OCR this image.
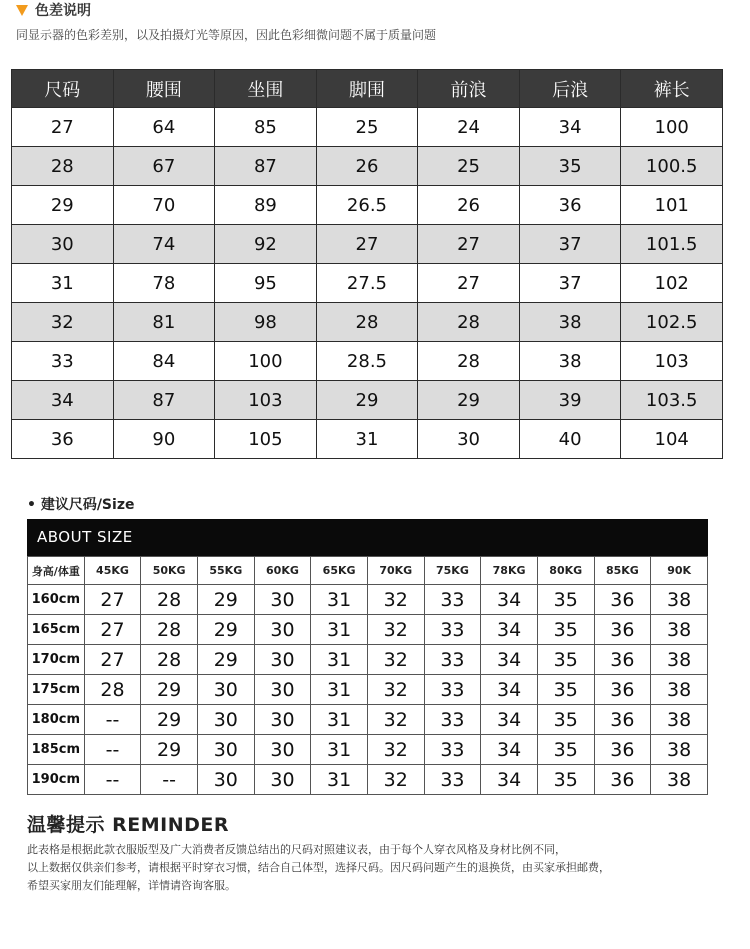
色差说明
同显示器的色彩差别，以及拍摄灯光等原因，因此色彩细微问题不属于质量问题
尺码	腰围	坐围	脚围	前浪	后浪	裤长
27	64	85	25	24	34	100
28	67	87	26	25	35	100.5
29	70	89	26.5	26	36	101
30	74	92	27	27	37	101.5
31	78	95	27.5	27	37	102
32	81	98	28	28	38	102.5
33	84	100	28.5	28	38	103
34	87	103	29	29	39	103.5
36	90	105	31	30	40	104
• 建议尺码/Size
ABOUT SIZE
身高/体重	45KG	50KG	55KG	60KG	65KG	70KG	75KG	78KG	80KG	85KG	90K
160cm	27	28	29	30	31	32	33	34	35	36	38
165cm	27	28	29	30	31	32	33	34	35	36	38
170cm	27	28	29	30	31	32	33	34	35	36	38
175cm	28	29	30	30	31	32	33	34	35	36	38
180cm	--	29	30	30	31	32	33	34	35	36	38
185cm	--	29	30	30	31	32	33	34	35	36	38
190cm	--	--	30	30	31	32	33	34	35	36	38
温馨提示 REMINDER
此表格是根据此款衣服版型及广大消费者反馈总结出的尺码对照建议表，由于每个人穿衣风格及身材比例不同，
以上数据仅供亲们参考，请根据平时穿衣习惯，结合自己体型，选择尺码。因尺码问题产生的退换货，由买家承担邮费，
希望买家朋友们能理解，详情请咨询客服。
